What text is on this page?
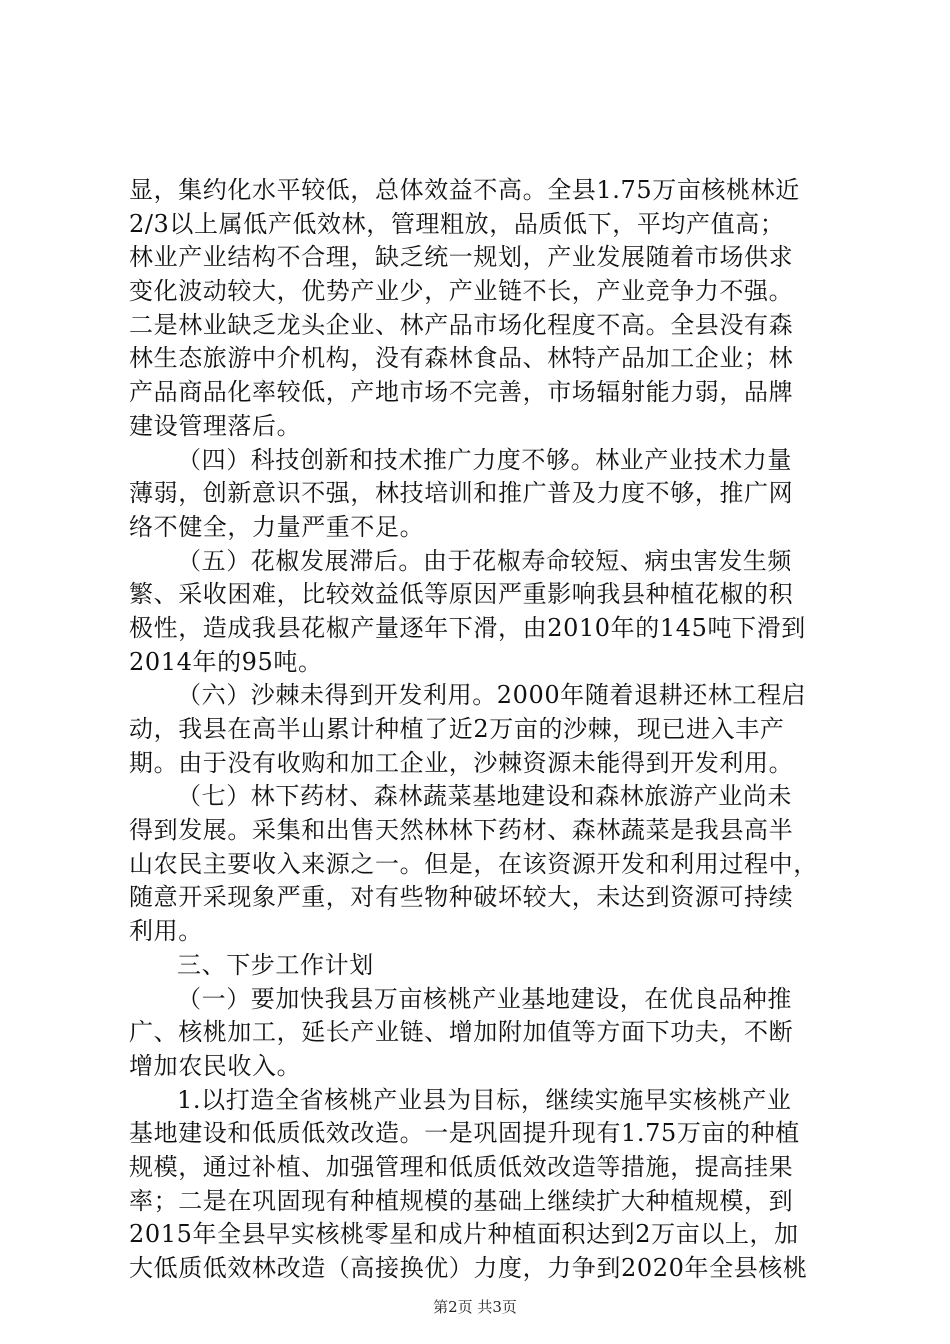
显，集约化水平较低，总体效益不高。全县1.75万亩核桃林近
2/3以上属低产低效林，管理粗放，品质低下，平均产值高；
林业产业结构不合理，缺乏统一规划，产业发展随着市场供求
变化波动较大，优势产业少，产业链不长，产业竞争力不强。
二是林业缺乏龙头企业、林产品市场化程度不高。全县没有森
林生态旅游中介机构，没有森林食品、林特产品加工企业；林
产品商品化率较低，产地市场不完善，市场辐射能力弱，品牌
建设管理落后。
（四）科技创新和技术推广力度不够。林业产业技术力量
薄弱，创新意识不强，林技培训和推广普及力度不够，推广网
络不健全，力量严重不足。
（五）花椒发展滞后。由于花椒寿命较短、病虫害发生频
繁、采收困难，比较效益低等原因严重影响我县种植花椒的积
极性，造成我县花椒产量逐年下滑，由2010年的145吨下滑到
2014年的95吨。
（六）沙棘未得到开发利用。2000年随着退耕还林工程启
动，我县在高半山累计种植了近2万亩的沙棘，现已进入丰产
期。由于没有收购和加工企业，沙棘资源未能得到开发利用。
（七）林下药材、森林蔬菜基地建设和森林旅游产业尚未
得到发展。采集和出售天然林林下药材、森林蔬菜是我县高半
山农民主要收入来源之一。但是，在该资源开发和利用过程中，
随意开采现象严重，对有些物种破坏较大，未达到资源可持续
利用。
三、下步工作计划
（一）要加快我县万亩核桃产业基地建设，在优良品种推
广、核桃加工，延长产业链、增加附加值等方面下功夫，不断
增加农民收入。
1.以打造全省核桃产业县为目标，继续实施早实核桃产业
基地建设和低质低效改造。一是巩固提升现有1.75万亩的种植
规模，通过补植、加强管理和低质低效改造等措施，提高挂果
率；二是在巩固现有种植规模的基础上继续扩大种植规模，到
2015年全县早实核桃零星和成片种植面积达到2万亩以上，加
大低质低效林改造（高接换优）力度，力争到2020年全县核桃
第2页 共3页
